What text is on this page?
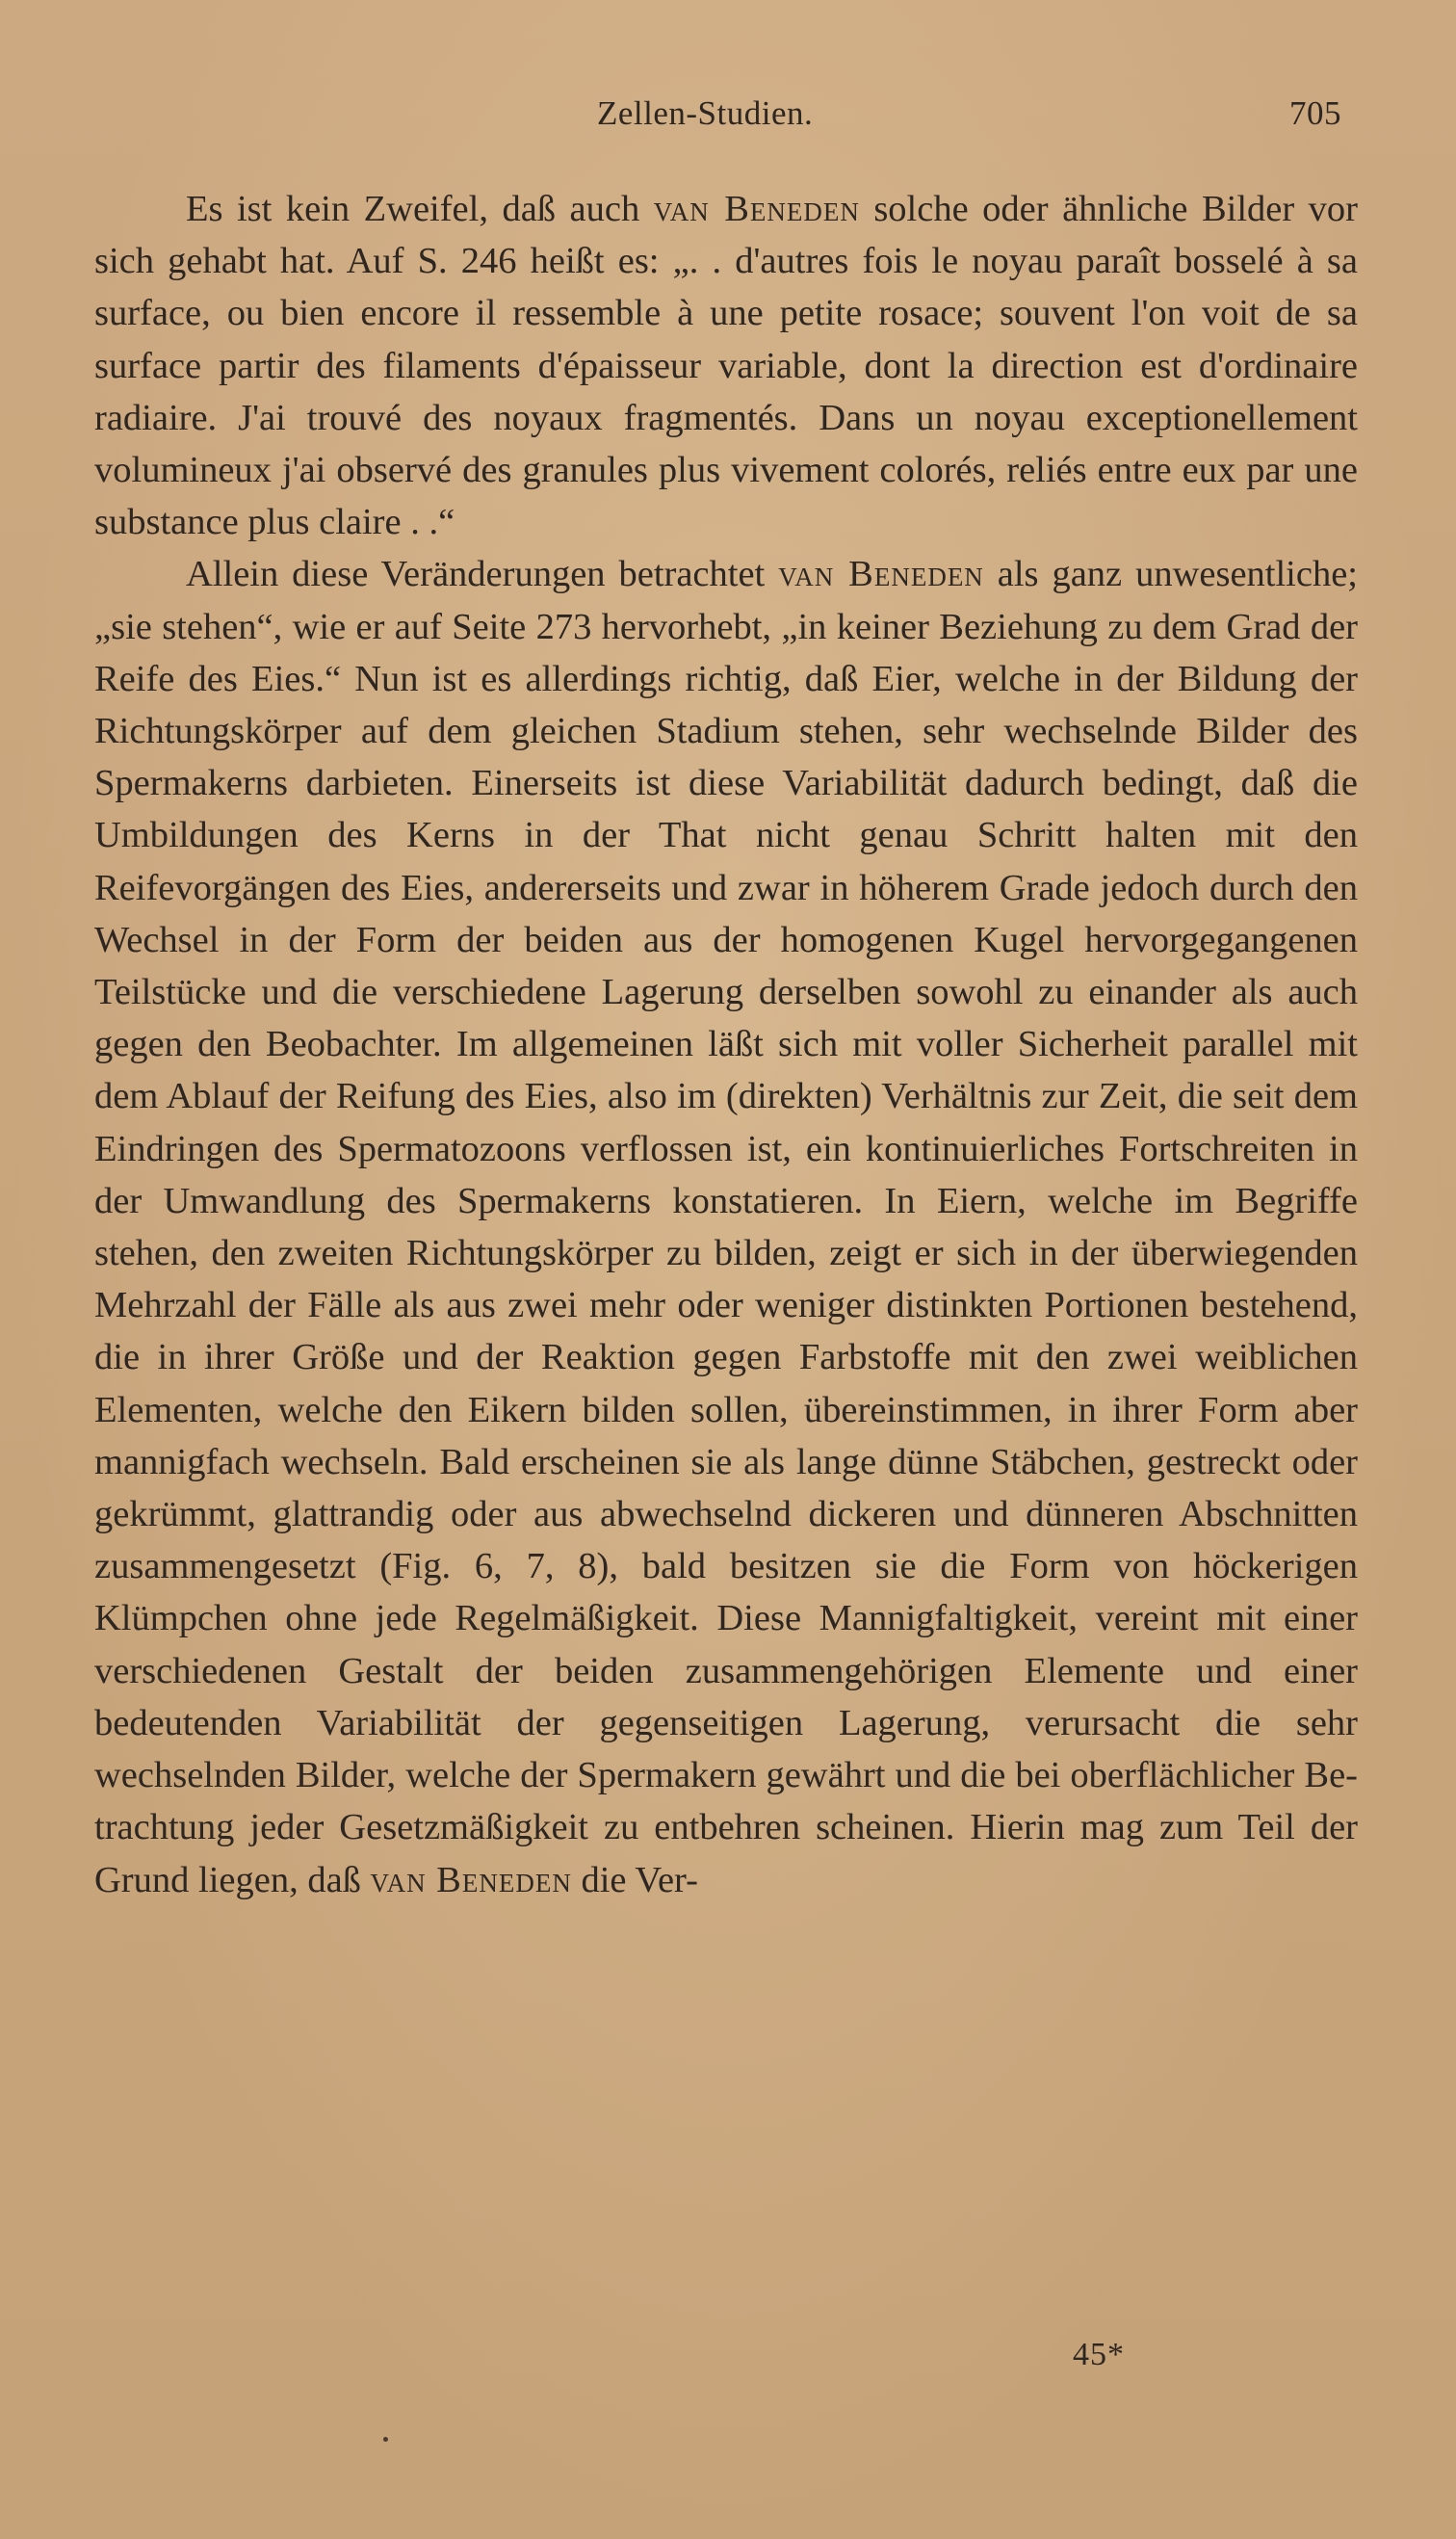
Zellen-Studien.	705

Es ist kein Zweifel, daß auch van Beneden solche oder ähnliche Bilder vor sich gehabt hat. Auf S. 246 heißt es: „. . d'autres fois le noyau paraît bosselé à sa surface, ou bien encore il ressemble à une petite rosace; souvent l'on voit de sa surface partir des filaments d'épaisseur variable, dont la direction est d'ordinaire radiaire. J'ai trouvé des noyaux fragmentés. Dans un noyau exceptionellement volumineux j'ai observé des granules plus vivement colorés, reliés entre eux par une substance plus claire . .“

Allein diese Veränderungen betrachtet van Beneden als ganz unwesentliche; „sie stehen“, wie er auf Seite 273 hervorhebt, „in keiner Beziehung zu dem Grad der Reife des Eies.“ Nun ist es allerdings richtig, daß Eier, welche in der Bildung der Richtungskörper auf dem gleichen Stadium stehen, sehr wechselnde Bilder des Spermakerns darbieten. Einerseits ist diese Variabilität dadurch bedingt, daß die Umbildungen des Kerns in der That nicht genau Schritt halten mit den Reifevorgängen des Eies, andererseits und zwar in höherem Grade jedoch durch den Wechsel in der Form der beiden aus der homogenen Kugel hervorgegangenen Teilstücke und die verschiedene Lagerung derselben sowohl zu einander als auch gegen den Beobachter. Im allgemeinen läßt sich mit voller Sicherheit parallel mit dem Ablauf der Reifung des Eies, also im (direkten) Verhältnis zur Zeit, die seit dem Eindringen des Spermatozoons verflossen ist, ein kontinuierliches Fortschreiten in der Umwandlung des Spermakerns konstatieren. In Eiern, welche im Begriffe stehen, den zweiten Richtungskörper zu bilden, zeigt er sich in der überwiegenden Mehrzahl der Fälle als aus zwei mehr oder weniger distinkten Portionen bestehend, die in ihrer Größe und der Reaktion gegen Farbstoffe mit den zwei weiblichen Elementen, welche den Eikern bilden sollen, übereinstimmen, in ihrer Form aber mannigfach wechseln. Bald erscheinen sie als lange dünne Stäbchen, gestreckt oder gekrümmt, glattrandig oder aus abwechselnd dickeren und dünneren Abschnitten zusammengesetzt (Fig. 6, 7, 8), bald besitzen sie die Form von höckerigen Klümpchen ohne jede Regelmäßigkeit. Diese Mannigfaltigkeit, vereint mit einer verschiedenen Gestalt der beiden zusammengehörigen Elemente und einer bedeutenden Variabilität der gegenseitigen Lagerung, verursacht die sehr wechselnden Bilder, welche der Spermakern gewährt und die bei oberflächlicher Betrachtung jeder Gesetzmäßigkeit zu entbehren scheinen. Hierin mag zum Teil der Grund liegen, daß van Beneden die Ver-

45*
